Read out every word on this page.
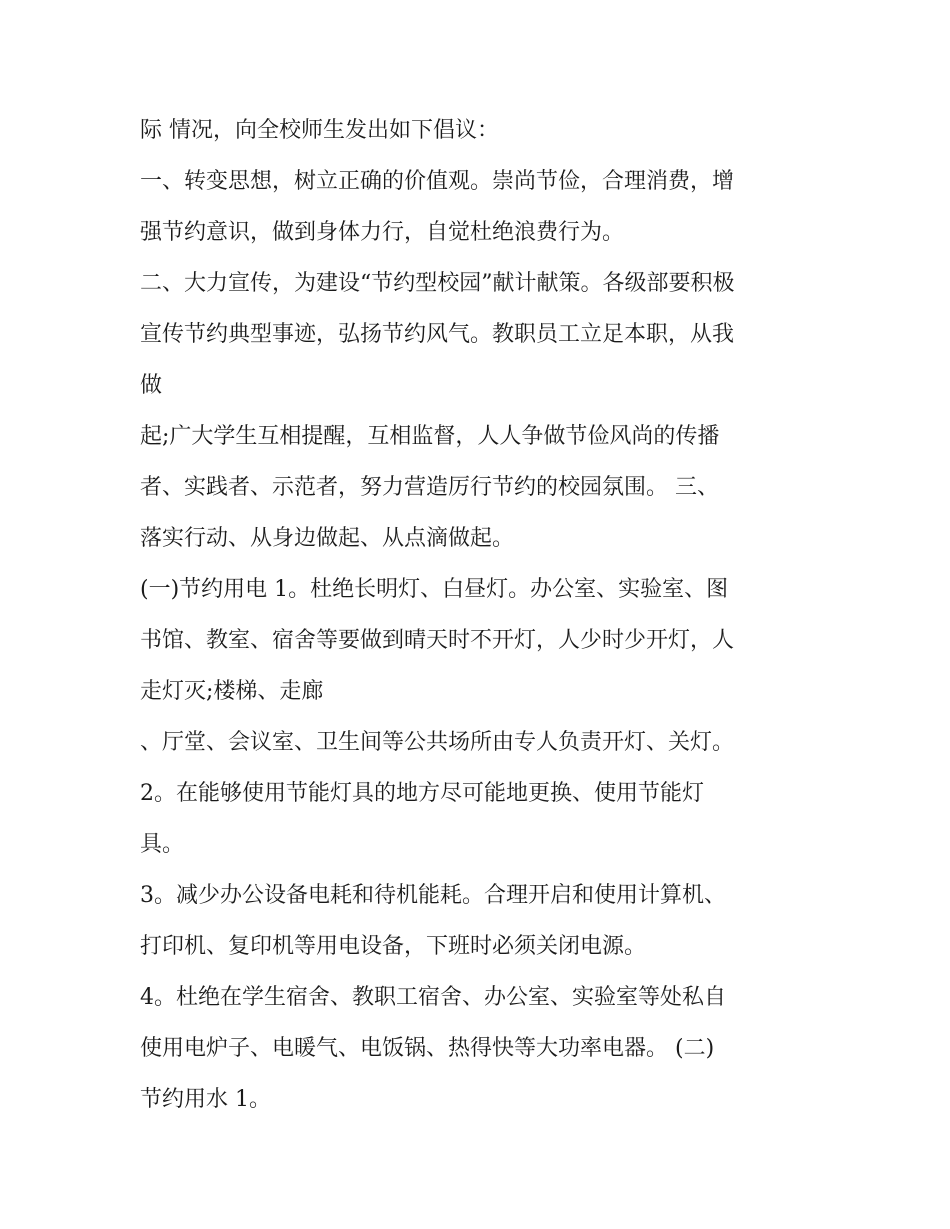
际 情况，向全校师生发出如下倡议：
一、转变思想，树立正确的价值观。崇尚节俭，合理消费，增
强节约意识，做到身体力行，自觉杜绝浪费行为。
二、大力宣传，为建设“节约型校园”献计献策。各级部要积极
宣传节约典型事迹，弘扬节约风气。教职员工立足本职，从我
做
起;广大学生互相提醒，互相监督，人人争做节俭风尚的传播
者、实践者、示范者，努力营造厉行节约的校园氛围。 三、
落实行动、从身边做起、从点滴做起。
(一)节约用电 1。杜绝长明灯、白昼灯。办公室、实验室、图
书馆、教室、宿舍等要做到晴天时不开灯，人少时少开灯，人
走灯灭;楼梯、走廊
、厅堂、会议室、卫生间等公共场所由专人负责开灯、关灯。
2。在能够使用节能灯具的地方尽可能地更换、使用节能灯
具。
3。减少办公设备电耗和待机能耗。合理开启和使用计算机、
打印机、复印机等用电设备，下班时必须关闭电源。
4。杜绝在学生宿舍、教职工宿舍、办公室、实验室等处私自
使用电炉子、电暖气、电饭锅、热得快等大功率电器。 (二)
节约用水 1。
